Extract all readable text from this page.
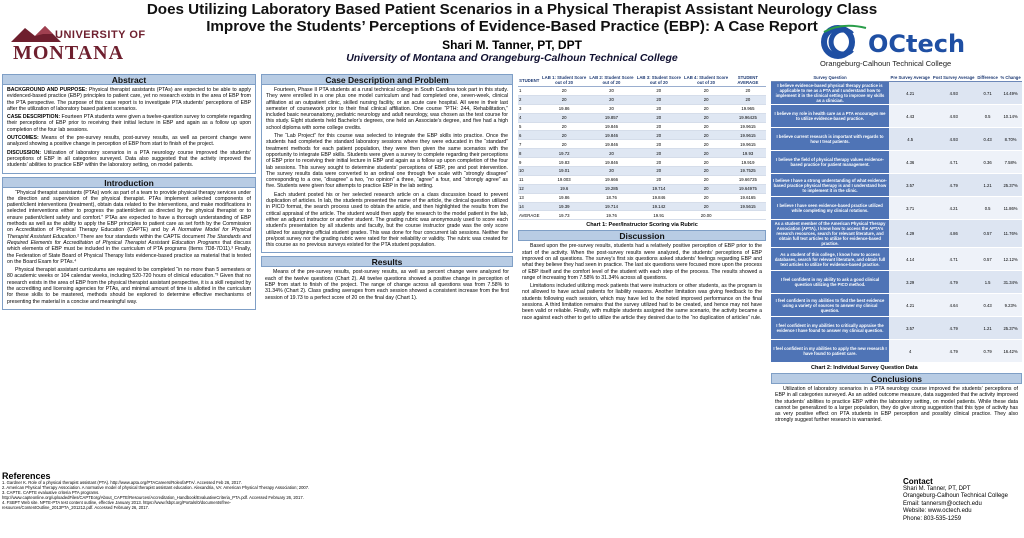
UNIVERSITY OF
MONTANA
Does Utilizing Laboratory Based Patient Scenarios in a Physical Therapist Assistant Neurology Class Improve the Students’ Perceptions of Evidence-Based Practice (EBP): A Case Report
Shari M. Tanner, PT, DPT
University of Montana and Orangeburg-Calhoun Technical College	OCtech
Orangeburg-Calhoun Technical College
Abstract

BACKGROUND AND PURPOSE: Physical therapist assistants (PTAs) are expected to be able to apply evidenced-based practice (EBP) principles to patient care, yet no research exists in the area of EBP from the PTA perspective. The purpose of this case report is to investigate PTA students’ perceptions of EBP after the utilization of laboratory based patient scenarios.

CASE DESCRIPTION: Fourteen PTA students were given a twelve-question survey to complete regarding their perceptions of EBP prior to receiving their initial lecture in EBP and again as a follow up upon completion of the four lab sessions.

OUTCOMES: Means of the pre-survey results, post-survey results, as well as percent change were analyzed showing a positive change in perception of EBP from start to finish of the project.

DISCUSSION: Utilization of laboratory scenarios in a PTA neurology course improved the students’ perceptions of EBP in all categories surveyed. Data also suggested that the activity improved the students’ abilities to practice EBP within the laboratory setting, on model patients.

Introduction

“Physical therapist assistants (PTAs) work as part of a team to provide physical therapy services under the direction and supervision of the physical therapist. PTAs implement selected components of patient/client interventions (treatment), obtain data related to the interventions, and make modifications in selected interventions either to progress the patient/client as directed by the physical therapist or to ensure patient/client safety and comfort.” PTAs are expected to have a thorough understanding of EBP methods as well as the ability to apply the EBP principles to patient care as set forth by the Commission on Accreditation of Physical Therapy Education (CAPTE) and by A Normative Model for Physical Therapist Assistant Education.² There are four standards within the CAPTE document The Standards and Required Elements for Accreditation of Physical Therapist Assistant Education Programs that discuss which elements of EBP must be included in the curriculum of PTA programs (Items 7D8-7D11).³ Finally, the Federation of State Board of Physical Therapy lists evidence-based practice as material that is tested on the Board Exam for PTAs.⁴

Physical therapist assistant curriculums are required to be completed “in no more than 5 semesters or 80 academic weeks or 104 calendar weeks, including 520-720 hours of clinical education.”³ Given that no research exists in the area of EBP from the physical therapist assistant perspective, it is a skill required by the accrediting and licensing agencies for PTAs, and minimal amount of time is allotted in the curriculum for these skills to be mastered, methods should be explored to determine effective mechanisms of presenting the material in a concise and meaningful way.

Case Description and Problem

Fourteen, Phase II PTA students at a rural technical college in South Carolina took part in this study. They were enrolled in a one plus one model curriculum and had completed one, seven-week, clinical affiliation at an outpatient clinic, skilled nursing facility, or an acute care hospital. All were in their last semester of coursework prior to their final clinical affiliation. One course “PTH: 244, Rehabilitation,” included basic neuroanatomy, pediatric neurology and adult neurology, was chosen as the test course for this study. Eight students held Bachelor’s degrees, one held an Associate’s degree, and five had a high school diploma with some college credits.

The “Lab Project” for this course was selected to integrate the EBP skills into practice. Once the students had completed the standard laboratory sessions where they were educated in the “standard” treatment methods for each patient population, they were then given the same scenarios with the opportunity to integrate EBP skills. Students were given a survey to complete regarding their perceptions of EBP prior to receiving their initial lecture in EBP and again as a follow up upon completion of the four lab sessions. This survey sought to determine students’ perceptions of EBP, pre and post intervention. The survey results data were converted to an ordinal one through five scale with “strongly disagree” corresponding to a one, “disagree” a two, “no opinion” a three, “agree” a four, and “strongly agree” as five. Students were given four attempts to practice EBP in the lab setting.

Each student posted his or her selected research article on a class discussion board to prevent duplication of articles. In lab, the students presented the name of the article, the clinical question utilized in PICO format, the search process used to obtain the article, and then highlighted the results from the critical appraisal of the article. The student would then apply the research to the model patient in the lab, either an adjunct instructor or another student. The grading rubric was anonymously used to score each student’s presentation by all students and faculty, but the course instructor grade was the only score utilized for assigning official student grades. This was done for four concurrent lab sessions. Neither the pre/post survey nor the grading rubric were rated for their reliability or validity. The rubric was created for this course as no previous surveys existed for the PTA student population.

Results

Means of the pre-survey results, post-survey results, as well as percent change were analyzed for each of the twelve questions (Chart 2). All twelve questions showed a positive change in perception of EBP from start to finish of the project. The range of change across all questions was from 7.58% to 31.34% (Chart 2). Class grading averages from each session showed a consistent increase from the first session of 19.73 to a perfect score of 20 on the final day (Chart 1).

STUDENT	LAB 1: Student Score out of 20	LAB 2: Student Score out of 20	LAB 3: Student Score out of 20	LAB 4: Student Score out of 20	STUDENT AVERAGE
1	20	20	20	20	20
2	20	20	20	20	20
3	19.86	20	20	20	19.965
4	20	19.857	20	20	19.96425
5	20	19.846	20	20	19.9615
6	20	19.846	20	20	19.9615
7	20	19.846	20	20	19.9615
8	19.72	20	20	20	19.93
9	19.83	19.846	20	20	19.919
10	19.01	20	20	20	19.7525
11	19.003	19.666	20	20	19.66725
12	19.6	19.285	19.714	20	19.64975
13	19.86	18.76	19.846	20	19.6165
14	19.39	19.714	19.142	20	19.5615
AVERAGE	19.73	19.76	19.91	20.00	
Chart 1: Peer/Instructor Scoring via Rubric
Discussion

Based upon the pre-survey results, students had a relatively positive perception of EBP prior to the start of the activity. When the post-survey results were analyzed, the students’ perceptions of EBP improved on all questions. The survey’s first six questions asked students’ feelings regarding EBP and what they believe they had seen in practice. The last six questions were focused more upon the process of EBP itself and the comfort level of the student with each step of the process. The results showed a range of increasing from 7.58% to 31.34% across all questions.

Limitations included utilizing mock patients that were instructors or other students, as the program is not allowed to have actual patients for liability reasons. Another limitation was giving feedback to the students following each session, which may have led to the noted improved performance on the final sessions. A third limitation remains that the survey utilized had to be created, and hence may not have been valid or reliable. Finally, with multiple students assigned the same scenario, the activity became a race against each other to get to utilize the article they desired due to the “no duplication of articles” rule.

Survey Question	Pre Survey Average	Post Survey Average	Difference	% Change
I believe evidence-based physical therapy practice is applicable to me as a PTA and I understand how to implement it in the clinical setting to improve my skills as a clinician.	4.21	4.93	0.71	14.49%
I believe my role in health care as a PTA encourages me to utilize evidence-based practice.	4.43	4.93	0.5	10.14%
I believe current research is important with regards to how I treat patients.	4.5	4.93	0.43	8.70%
I believe the field of physical therapy values evidence-based practice for patient management.	4.36	4.71	0.36	7.58%
I believe I have a strong understanding of what evidence-based practice physical therapy is and I understand how to implement it in the clinic.	3.57	4.79	1.21	25.37%
I believe I have seen evidence-based practice utilized while completing my clinical rotations.	3.71	4.21	0.5	11.86%
As a student member of the American Physical Therapy Association (APTA), I know how to access the APTA’s research resources, search for relevant literature, and obtain full text articles to utilize for evidence-based practice.	4.29	4.86	0.57	11.76%
As a student of this college, I know how to access databases, search for relevant literature, and obtain full text articles to utilize for evidence-based practice.	4.14	4.71	0.57	12.12%
I feel confident in my ability to ask a good clinical question utilizing the PICO method.	3.29	4.79	1.5	31.34%
I feel confident in my abilities to find the best evidence using a variety of sources to answer my clinical question.	4.21	4.64	0.43	9.23%
I feel confident in my abilities to critically appraise the evidence I have found to answer my clinical question.	3.57	4.79	1.21	25.37%
I feel confident in my abilities to apply the new research I have found to patient care.	4	4.79	0.79	16.42%
Chart 2: Individual Survey Question Data
Conclusions

Utilization of laboratory scenarios in a PTA neurology course improved the students’ perceptions of EBP in all categories surveyed. As an added outcome measure, data suggested that the activity improved the students’ abilities to practice EBP within the laboratory setting, on model patients. While these data cannot be generalized to a larger population, they do give strong suggestion that this type of activity has as very positive effect on PTA students in EBP perception and possibly clinical practice. They also strongly suggest further research is warranted.

References
1. Gardner K. Role of a physical therapist assistant (PTA). http://www.apta.org/PTACareers/RoleofaPTA/. Accessed Feb 26, 2017.
2. American Physical Therapy Association. A normative model of physical therapist assistant education. Alexandria, VA: American Physical Therapy Association; 2007.
3. CAPTE. CAPTE evaluative criteria PTA programs.
http://www.capteonline.org/uploadedFiles/CAPTEorg/About_CAPTE/Resources/Accreditation_Handbook/EvaluativeCriteria_PTA.pdf. Accessed February 26, 2017.
4. FSBPT Web site. NPTE-PTA test content outline, effective January 2013. https://www.fsbpt.org/Portals/0/documents/free-
resources/ContentOutline_2013PTA_201212.pdf. Accessed February 26, 2017.
Contact
Shari M. Tanner, PT, DPT
Orangeburg-Calhoun Technical College
Email: tannersm@octech.edu
Website: www.octech.edu
Phone: 803-535-1259
